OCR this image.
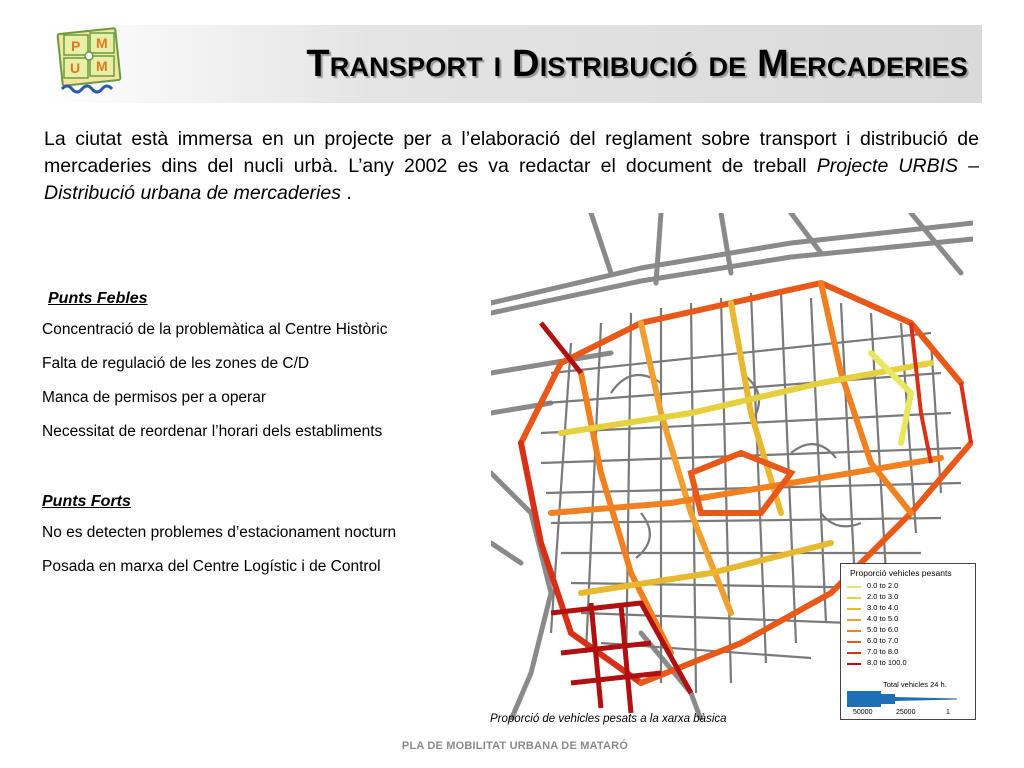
P M
U M	Transport i Distribució de Mercaderies

La ciutat està immersa en un projecte per a l’elaboració del reglament sobre transport i distribució de mercaderies dins del nucli urbà. L’any 2002 es va redactar el document de treball Projecte URBIS – Distribució urbana de mercaderies .

Punts Febles
Concentració de la problemàtica al Centre Històric
Falta de regulació de les zones de C/D
Manca de permisos per a operar
Necessitat de reordenar l’horari dels establiments
Punts Forts
No es detecten problemes d’estacionament nocturn
Posada en marxa del Centre Logístic i de Control	Proporció vehicles pesants
0.0 to 2.0
2.0 to 3.0
3.0 to 4.0
4.0 to 5.0
5.0 to 6.0
6.0 to 7.0
7.0 to 8.0
8.0 to 100.0
Total vehicles 24 h.
50000	25000	1
Proporció de vehicles pesats a la xarxa bàsica
PLA DE MOBILITAT URBANA DE MATARÓ
